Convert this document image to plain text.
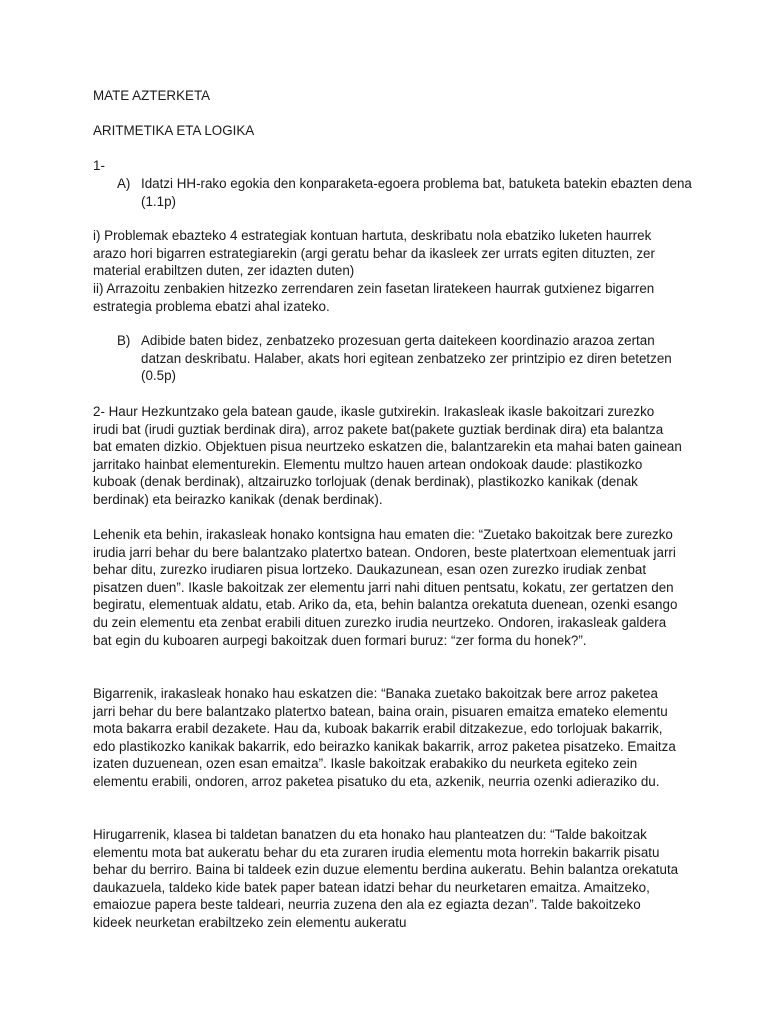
MATE AZTERKETA

ARITMETIKA ETA LOGIKA

1-

A) Idatzi HH-rako egokia den konparaketa-egoera problema bat, batuketa batekin ebazten dena (1.1p)

i) Problemak ebazteko 4 estrategiak kontuan hartuta, deskribatu nola ebatziko luketen haurrek arazo hori bigarren estrategiarekin (argi geratu behar da ikasleek zer urrats egiten dituzten, zer material erabiltzen duten, zer idazten duten)

ii) Arrazoitu zenbakien hitzezko zerrendaren zein fasetan liratekeen haurrak gutxienez bigarren estrategia problema ebatzi ahal izateko.

B) Adibide baten bidez, zenbatzeko prozesuan gerta daitekeen koordinazio arazoa zertan datzan deskribatu. Halaber, akats hori egitean zenbatzeko zer printzipio ez diren betetzen (0.5p)

2- Haur Hezkuntzako gela batean gaude, ikasle gutxirekin. Irakasleak ikasle bakoitzari zurezko irudi bat (irudi guztiak berdinak dira), arroz pakete bat(pakete guztiak berdinak dira) eta balantza bat ematen dizkio. Objektuen pisua neurtzeko eskatzen die, balantzarekin eta mahai baten gainean jarritako hainbat elementurekin. Elementu multzo hauen artean ondokoak daude: plastikozko kuboak (denak berdinak), altzairuzko torlojuak (denak berdinak), plastikozko kanikak (denak berdinak) eta beirazko kanikak (denak berdinak).

Lehenik eta behin, irakasleak honako kontsigna hau ematen die: “Zuetako bakoitzak bere zurezko irudia jarri behar du bere balantzako platertxo batean. Ondoren, beste platertxoan elementuak jarri behar ditu, zurezko irudiaren pisua lortzeko. Daukazunean, esan ozen zurezko irudiak zenbat pisatzen duen”. Ikasle bakoitzak zer elementu jarri nahi dituen pentsatu, kokatu, zer gertatzen den begiratu, elementuak aldatu, etab. Ariko da, eta, behin balantza orekatuta duenean, ozenki esango du zein elementu eta zenbat erabili dituen zurezko irudia neurtzeko. Ondoren, irakasleak galdera bat egin du kuboaren aurpegi bakoitzak duen formari buruz: “zer forma du honek?”.

Bigarrenik, irakasleak honako hau eskatzen die: “Banaka zuetako bakoitzak bere arroz paketea jarri behar du bere balantzako platertxo batean, baina orain, pisuaren emaitza emateko elementu mota bakarra erabil dezakete. Hau da, kuboak bakarrik erabil ditzakezue, edo torlojuak bakarrik, edo plastikozko kanikak bakarrik, edo beirazko kanikak bakarrik, arroz paketea pisatzeko. Emaitza izaten duzuenean, ozen esan emaitza”. Ikasle bakoitzak erabakiko du neurketa egiteko zein elementu erabili, ondoren, arroz paketea pisatuko du eta, azkenik, neurria ozenki adieraziko du.

Hirugarrenik, klasea bi taldetan banatzen du eta honako hau planteatzen du: “Talde bakoitzak elementu mota bat aukeratu behar du eta zuraren irudia elementu mota horrekin bakarrik pisatu behar du berriro. Baina bi taldeek ezin duzue elementu berdina aukeratu. Behin balantza orekatuta daukazuela, taldeko kide batek paper batean idatzi behar du neurketaren emaitza. Amaitzeko, emaiozue papera beste taldeari, neurria zuzena den ala ez egiazta dezan”. Talde bakoitzeko kideek neurketan erabiltzeko zein elementu aukeratu
